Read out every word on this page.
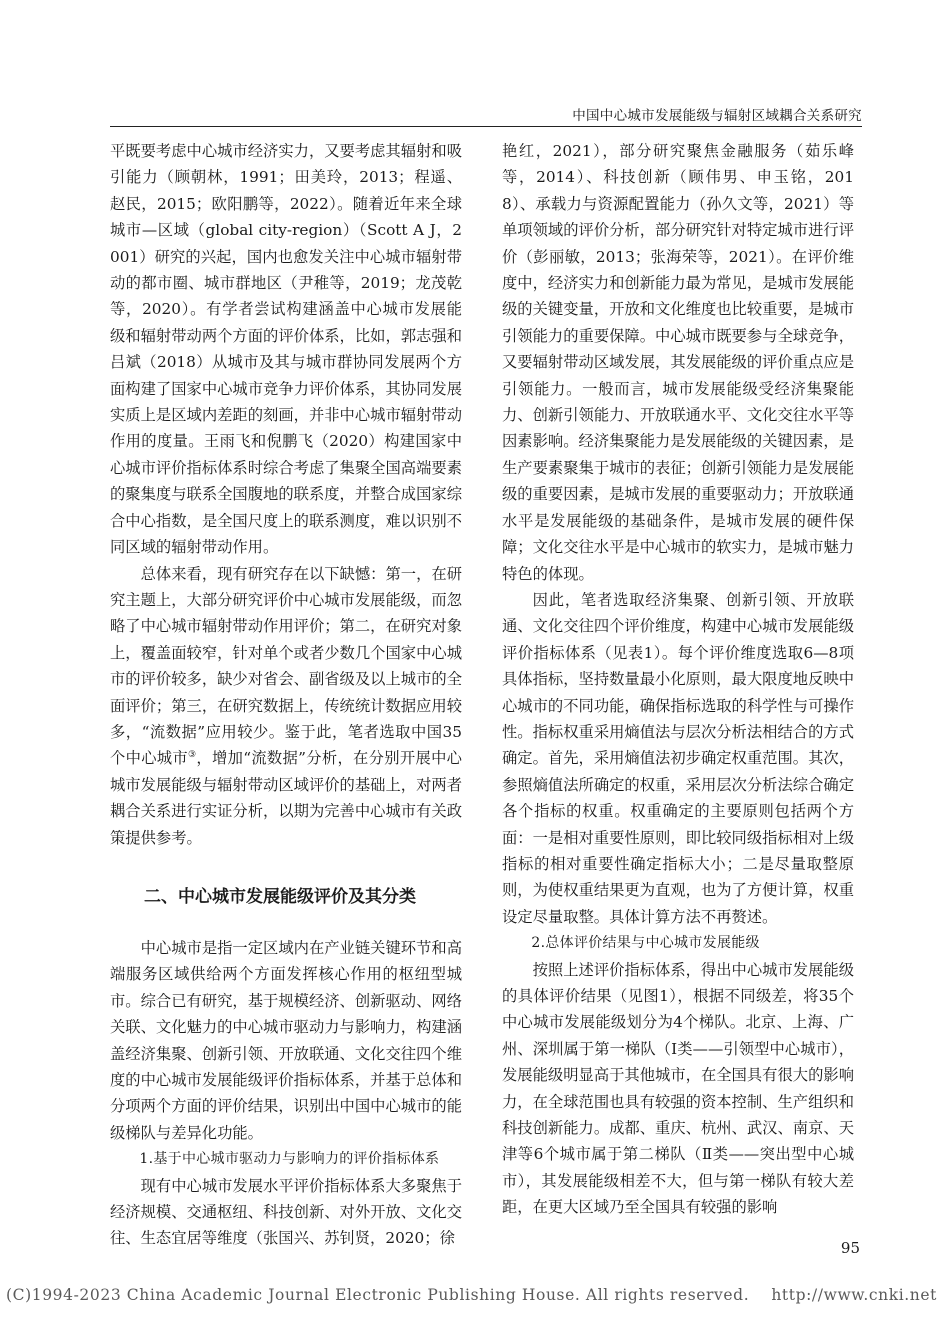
中国中心城市发展能级与辐射区域耦合关系研究

平既要考虑中心城市经济实力，又要考虑其辐射和吸引能力（顾朝林，1991；田美玲，2013；程遥、赵民，2015；欧阳鹏等，2022）。随着近年来全球城市—区域（global city-region）（Scott A J，2001）研究的兴起，国内也愈发关注中心城市辐射带动的都市圈、城市群地区（尹稚等，2019；龙茂乾等，2020）。有学者尝试构建涵盖中心城市发展能级和辐射带动两个方面的评价体系，比如，郭志强和吕斌（2018）从城市及其与城市群协同发展两个方面构建了国家中心城市竞争力评价体系，其协同发展实质上是区域内差距的刻画，并非中心城市辐射带动作用的度量。王雨飞和倪鹏飞（2020）构建国家中心城市评价指标体系时综合考虑了集聚全国高端要素的聚集度与联系全国腹地的联系度，并整合成国家综合中心指数，是全国尺度上的联系测度，难以识别不同区域的辐射带动作用。

总体来看，现有研究存在以下缺憾：第一，在研究主题上，大部分研究评价中心城市发展能级，而忽略了中心城市辐射带动作用评价；第二，在研究对象上，覆盖面较窄，针对单个或者少数几个国家中心城市的评价较多，缺少对省会、副省级及以上城市的全面评价；第三，在研究数据上，传统统计数据应用较多，“流数据”应用较少。鉴于此，笔者选取中国35个中心城市③，增加“流数据”分析，在分别开展中心城市发展能级与辐射带动区域评价的基础上，对两者耦合关系进行实证分析，以期为完善中心城市有关政策提供参考。

二、中心城市发展能级评价及其分类

中心城市是指一定区域内在产业链关键环节和高端服务区域供给两个方面发挥核心作用的枢纽型城市。综合已有研究，基于规模经济、创新驱动、网络关联、文化魅力的中心城市驱动力与影响力，构建涵盖经济集聚、创新引领、开放联通、文化交往四个维度的中心城市发展能级评价指标体系，并基于总体和分项两个方面的评价结果，识别出中国中心城市的能级梯队与差异化功能。

1.基于中心城市驱动力与影响力的评价指标体系

现有中心城市发展水平评价指标体系大多聚焦于经济规模、交通枢纽、科技创新、对外开放、文化交往、生态宜居等维度（张国兴、苏钊贤，2020；徐

艳红，2021），部分研究聚焦金融服务（茹乐峰等，2014）、科技创新（顾伟男、申玉铭，2018）、承载力与资源配置能力（孙久文等，2021）等单项领域的评价分析，部分研究针对特定城市进行评价（彭丽敏，2013；张海荣等，2021）。在评价维度中，经济实力和创新能力最为常见，是城市发展能级的关键变量，开放和文化维度也比较重要，是城市引领能力的重要保障。中心城市既要参与全球竞争，又要辐射带动区域发展，其发展能级的评价重点应是引领能力。一般而言，城市发展能级受经济集聚能力、创新引领能力、开放联通水平、文化交往水平等因素影响。经济集聚能力是发展能级的关键因素，是生产要素聚集于城市的表征；创新引领能力是发展能级的重要因素，是城市发展的重要驱动力；开放联通水平是发展能级的基础条件，是城市发展的硬件保障；文化交往水平是中心城市的软实力，是城市魅力特色的体现。

因此，笔者选取经济集聚、创新引领、开放联通、文化交往四个评价维度，构建中心城市发展能级评价指标体系（见表1）。每个评价维度选取6—8项具体指标，坚持数量最小化原则，最大限度地反映中心城市的不同功能，确保指标选取的科学性与可操作性。指标权重采用熵值法与层次分析法相结合的方式确定。首先，采用熵值法初步确定权重范围。其次，参照熵值法所确定的权重，采用层次分析法综合确定各个指标的权重。权重确定的主要原则包括两个方面：一是相对重要性原则，即比较同级指标相对上级指标的相对重要性确定指标大小；二是尽量取整原则，为使权重结果更为直观，也为了方便计算，权重设定尽量取整。具体计算方法不再赘述。

2.总体评价结果与中心城市发展能级

按照上述评价指标体系，得出中心城市发展能级的具体评价结果（见图1），根据不同级差，将35个中心城市发展能级划分为4个梯队。北京、上海、广州、深圳属于第一梯队（Ⅰ类——引领型中心城市），发展能级明显高于其他城市，在全国具有很大的影响力，在全球范围也具有较强的资本控制、生产组织和科技创新能力。成都、重庆、杭州、武汉、南京、天津等6个城市属于第二梯队（Ⅱ类——突出型中心城市），其发展能级相差不大，但与第一梯队有较大差距，在更大区域乃至全国具有较强的影响

95
(C)1994-2023 China Academic Journal Electronic Publishing House. All rights reserved. http://www.cnki.net
